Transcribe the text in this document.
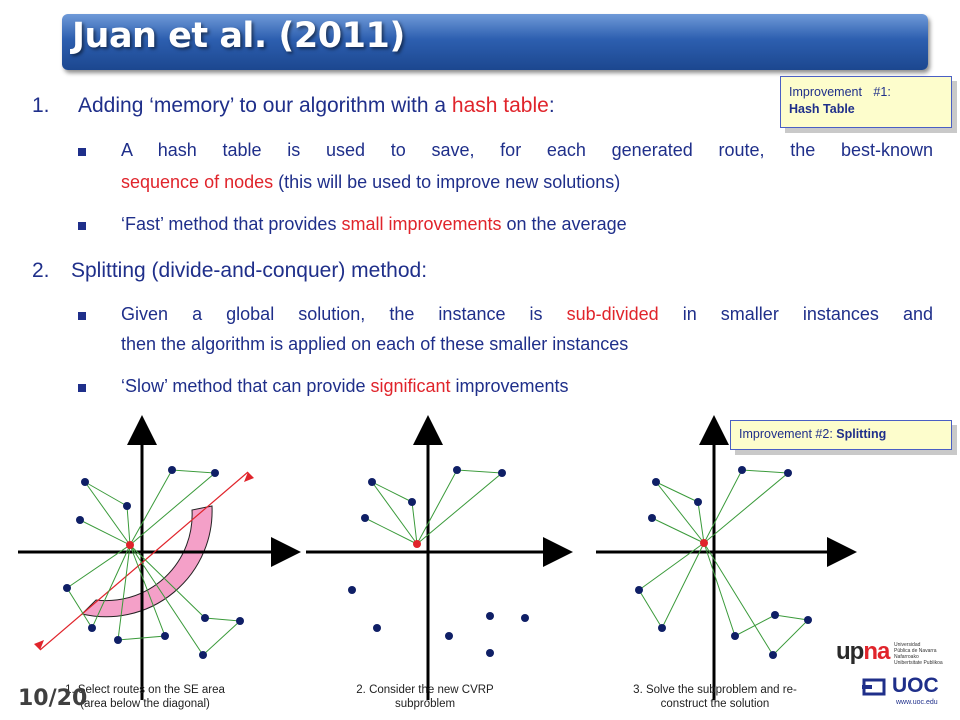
Juan et al. (2011)
Improvement #1:
Hash Table
1. Adding ‘memory’ to our algorithm with a hash table:
A hash table is used to save, for each generated route, the best-known
sequence of nodes (this will be used to improve new solutions)
‘Fast’ method that provides small improvements on the average
2. Splitting (divide-and-conquer) method:
Given a global solution, the instance is sub-divided in smaller instances and
then the algorithm is applied on each of these smaller instances
‘Slow’ method that can provide significant improvements
Improvement #2: Splitting
1. Select routes on the SE area
(area below the diagonal)
2. Consider the new CVRP
subproblem
3. Solve the subproblem and re-
construct the solution
10/20
upna Universidad
Pública de Navarra
Nafarroako
Unibertsitate Publikoa
UOC
www.uoc.edu
